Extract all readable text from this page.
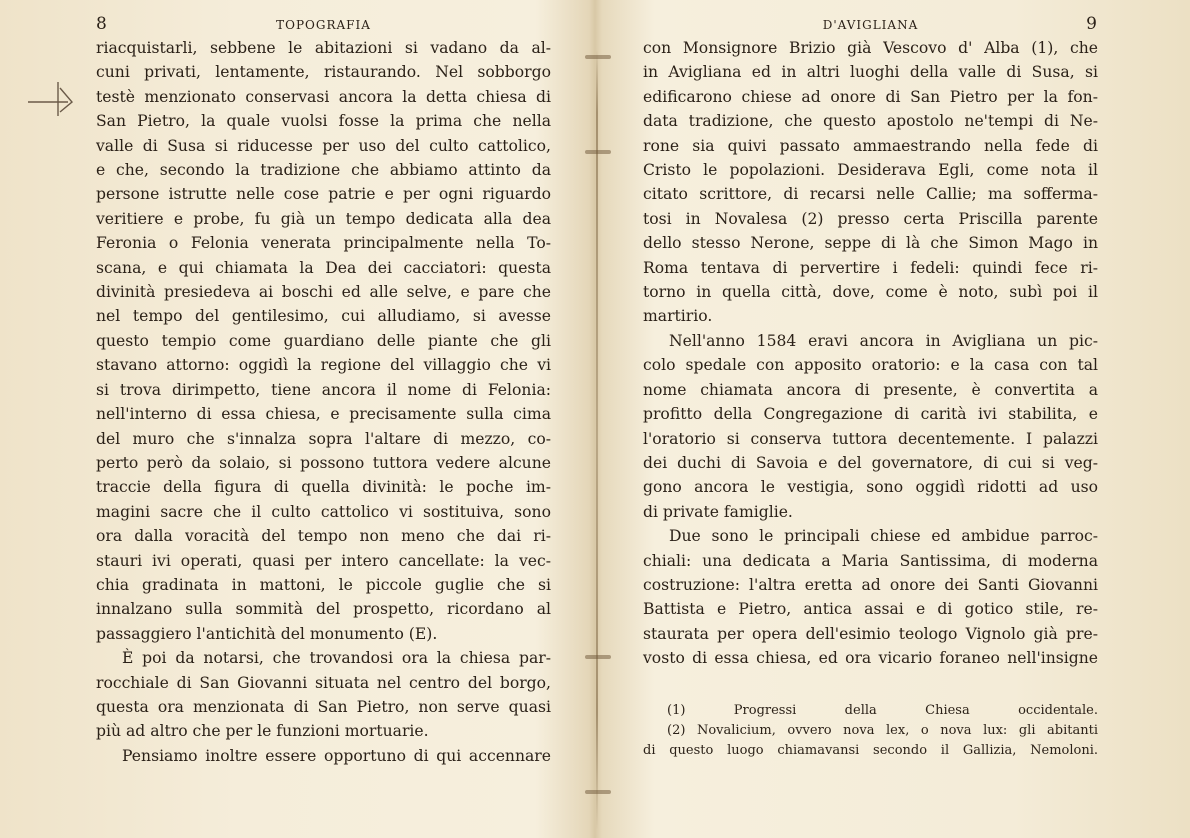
8	TOPOGRAFIA
riacquistarli, sebbene le abitazioni si vadano da al-
cuni privati, lentamente, ristaurando. Nel sobborgo
testè menzionato conservasi ancora la detta chiesa di
San Pietro, la quale vuolsi fosse la prima che nella
valle di Susa si riducesse per uso del culto cattolico,
e che, secondo la tradizione che abbiamo attinto da
persone istrutte nelle cose patrie e per ogni riguardo
veritiere e probe, fu già un tempo dedicata alla dea
Feronia o Felonia venerata principalmente nella To-
scana, e qui chiamata la Dea dei cacciatori: questa
divinità presiedeva ai boschi ed alle selve, e pare che
nel tempo del gentilesimo, cui alludiamo, si avesse
questo tempio come guardiano delle piante che gli
stavano attorno: oggidì la regione del villaggio che vi
si trova dirimpetto, tiene ancora il nome di Felonia:
nell'interno di essa chiesa, e precisamente sulla cima
del muro che s'innalza sopra l'altare di mezzo, co-
perto però da solaio, si possono tuttora vedere alcune
traccie della figura di quella divinità: le poche im-
magini sacre che il culto cattolico vi sostituiva, sono
ora dalla voracità del tempo non meno che dai ri-
stauri ivi operati, quasi per intero cancellate: la vec-
chia gradinata in mattoni, le piccole guglie che si
innalzano sulla sommità del prospetto, ricordano al
passaggiero l'antichità del monumento (E).
È poi da notarsi, che trovandosi ora la chiesa par-
rocchiale di San Giovanni situata nel centro del borgo,
questa ora menzionata di San Pietro, non serve quasi
più ad altro che per le funzioni mortuarie.
Pensiamo inoltre essere opportuno di qui accennare
D'AVIGLIANA	9
con Monsignore Brizio già Vescovo d' Alba (1), che
in Avigliana ed in altri luoghi della valle di Susa, si
edificarono chiese ad onore di San Pietro per la fon-
data tradizione, che questo apostolo ne'tempi di Ne-
rone sia quivi passato ammaestrando nella fede di
Cristo le popolazioni. Desiderava Egli, come nota il
citato scrittore, di recarsi nelle Callie; ma soffermа-
tosi in Novalesa (2) presso certa Priscilla parente
dello stesso Nerone, seppe di là che Simon Mago in
Roma tentava di pervertire i fedeli: quindi fece ri-
torno in quella città, dove, come è noto, subì poi il
martirio.
Nell'anno 1584 eravi ancora in Avigliana un pic-
colo spedale con apposito oratorio: e la casa con tal
nome chiamata ancora di presente, è convertita a
profitto della Congregazione di carità ivi stabilita, e
l'oratorio si conserva tuttora decentemente. I palazzi
dei duchi di Savoia e del governatore, di cui si veg-
gono ancora le vestigia, sono oggidì ridotti ad uso
di private famiglie.
Due sono le principali chiese ed ambidue parroc-
chiali: una dedicata a Maria Santissima, di moderna
costruzione: l'altra eretta ad onore dei Santi Giovanni
Battista e Pietro, antica assai e di gotico stile, re-
staurata per opera dell'esimio teologo Vignolo già pre-
vosto di essa chiesa, ed ora vicario foraneo nell'insigne
(1) Progressi della Chiesa occidentale.
(2) Novalicium, ovvero nova lex, o nova lux: gli abitanti
di questo luogo chiamavansi secondo il Gallizia, Nemoloni.
